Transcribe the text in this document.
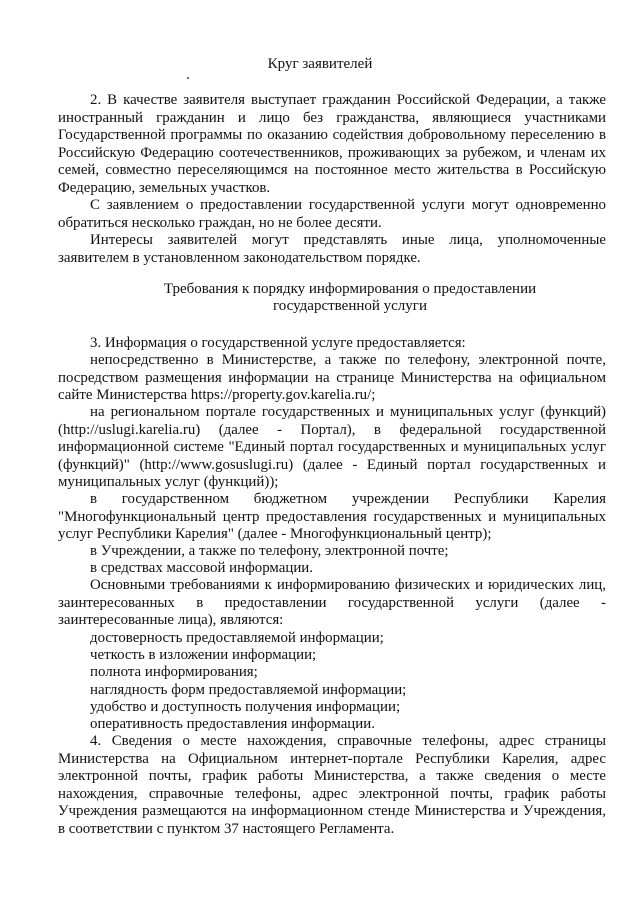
Круг заявителей
2. В качестве заявителя выступает гражданин Российской Федерации, а также иностранный гражданин и лицо без гражданства, являющиеся участниками Государственной программы по оказанию содействия добровольному переселению в Российскую Федерацию соотечественников, проживающих за рубежом, и членам их семей, совместно переселяющимся на постоянное место жительства в Российскую Федерацию, земельных участков.
С заявлением о предоставлении государственной услуги могут одновременно обратиться несколько граждан, но не более десяти.
Интересы заявителей могут представлять иные лица, уполномоченные заявителем в установленном законодательством порядке.
Требования к порядку информирования о предоставлении государственной услуги
3. Информация о государственной услуге предоставляется:
непосредственно в Министерстве, а также по телефону, электронной почте, посредством размещения информации на странице Министерства на официальном сайте Министерства https://property.gov.karelia.ru/;
на региональном портале государственных и муниципальных услуг (функций) (http://uslugi.karelia.ru) (далее - Портал), в федеральной государственной информационной системе "Единый портал государственных и муниципальных услуг (функций)" (http://www.gosuslugi.ru) (далее - Единый портал государственных и муниципальных услуг (функций));
в государственном бюджетном учреждении Республики Карелия "Многофункциональный центр предоставления государственных и муниципальных услуг Республики Карелия" (далее - Многофункциональный центр);
в Учреждении, а также по телефону, электронной почте;
в средствах массовой информации.
Основными требованиями к информированию физических и юридических лиц, заинтересованных в предоставлении государственной услуги (далее - заинтересованные лица), являются:
достоверность предоставляемой информации;
четкость в изложении информации;
полнота информирования;
наглядность форм предоставляемой информации;
удобство и доступность получения информации;
оперативность предоставления информации.
4. Сведения о месте нахождения, справочные телефоны, адрес страницы Министерства на Официальном интернет-портале Республики Карелия, адрес электронной почты, график работы Министерства, а также сведения о месте нахождения, справочные телефоны, адрес электронной почты, график работы Учреждения размещаются на информационном стенде Министерства и Учреждения, в соответствии с пунктом 37 настоящего Регламента.
